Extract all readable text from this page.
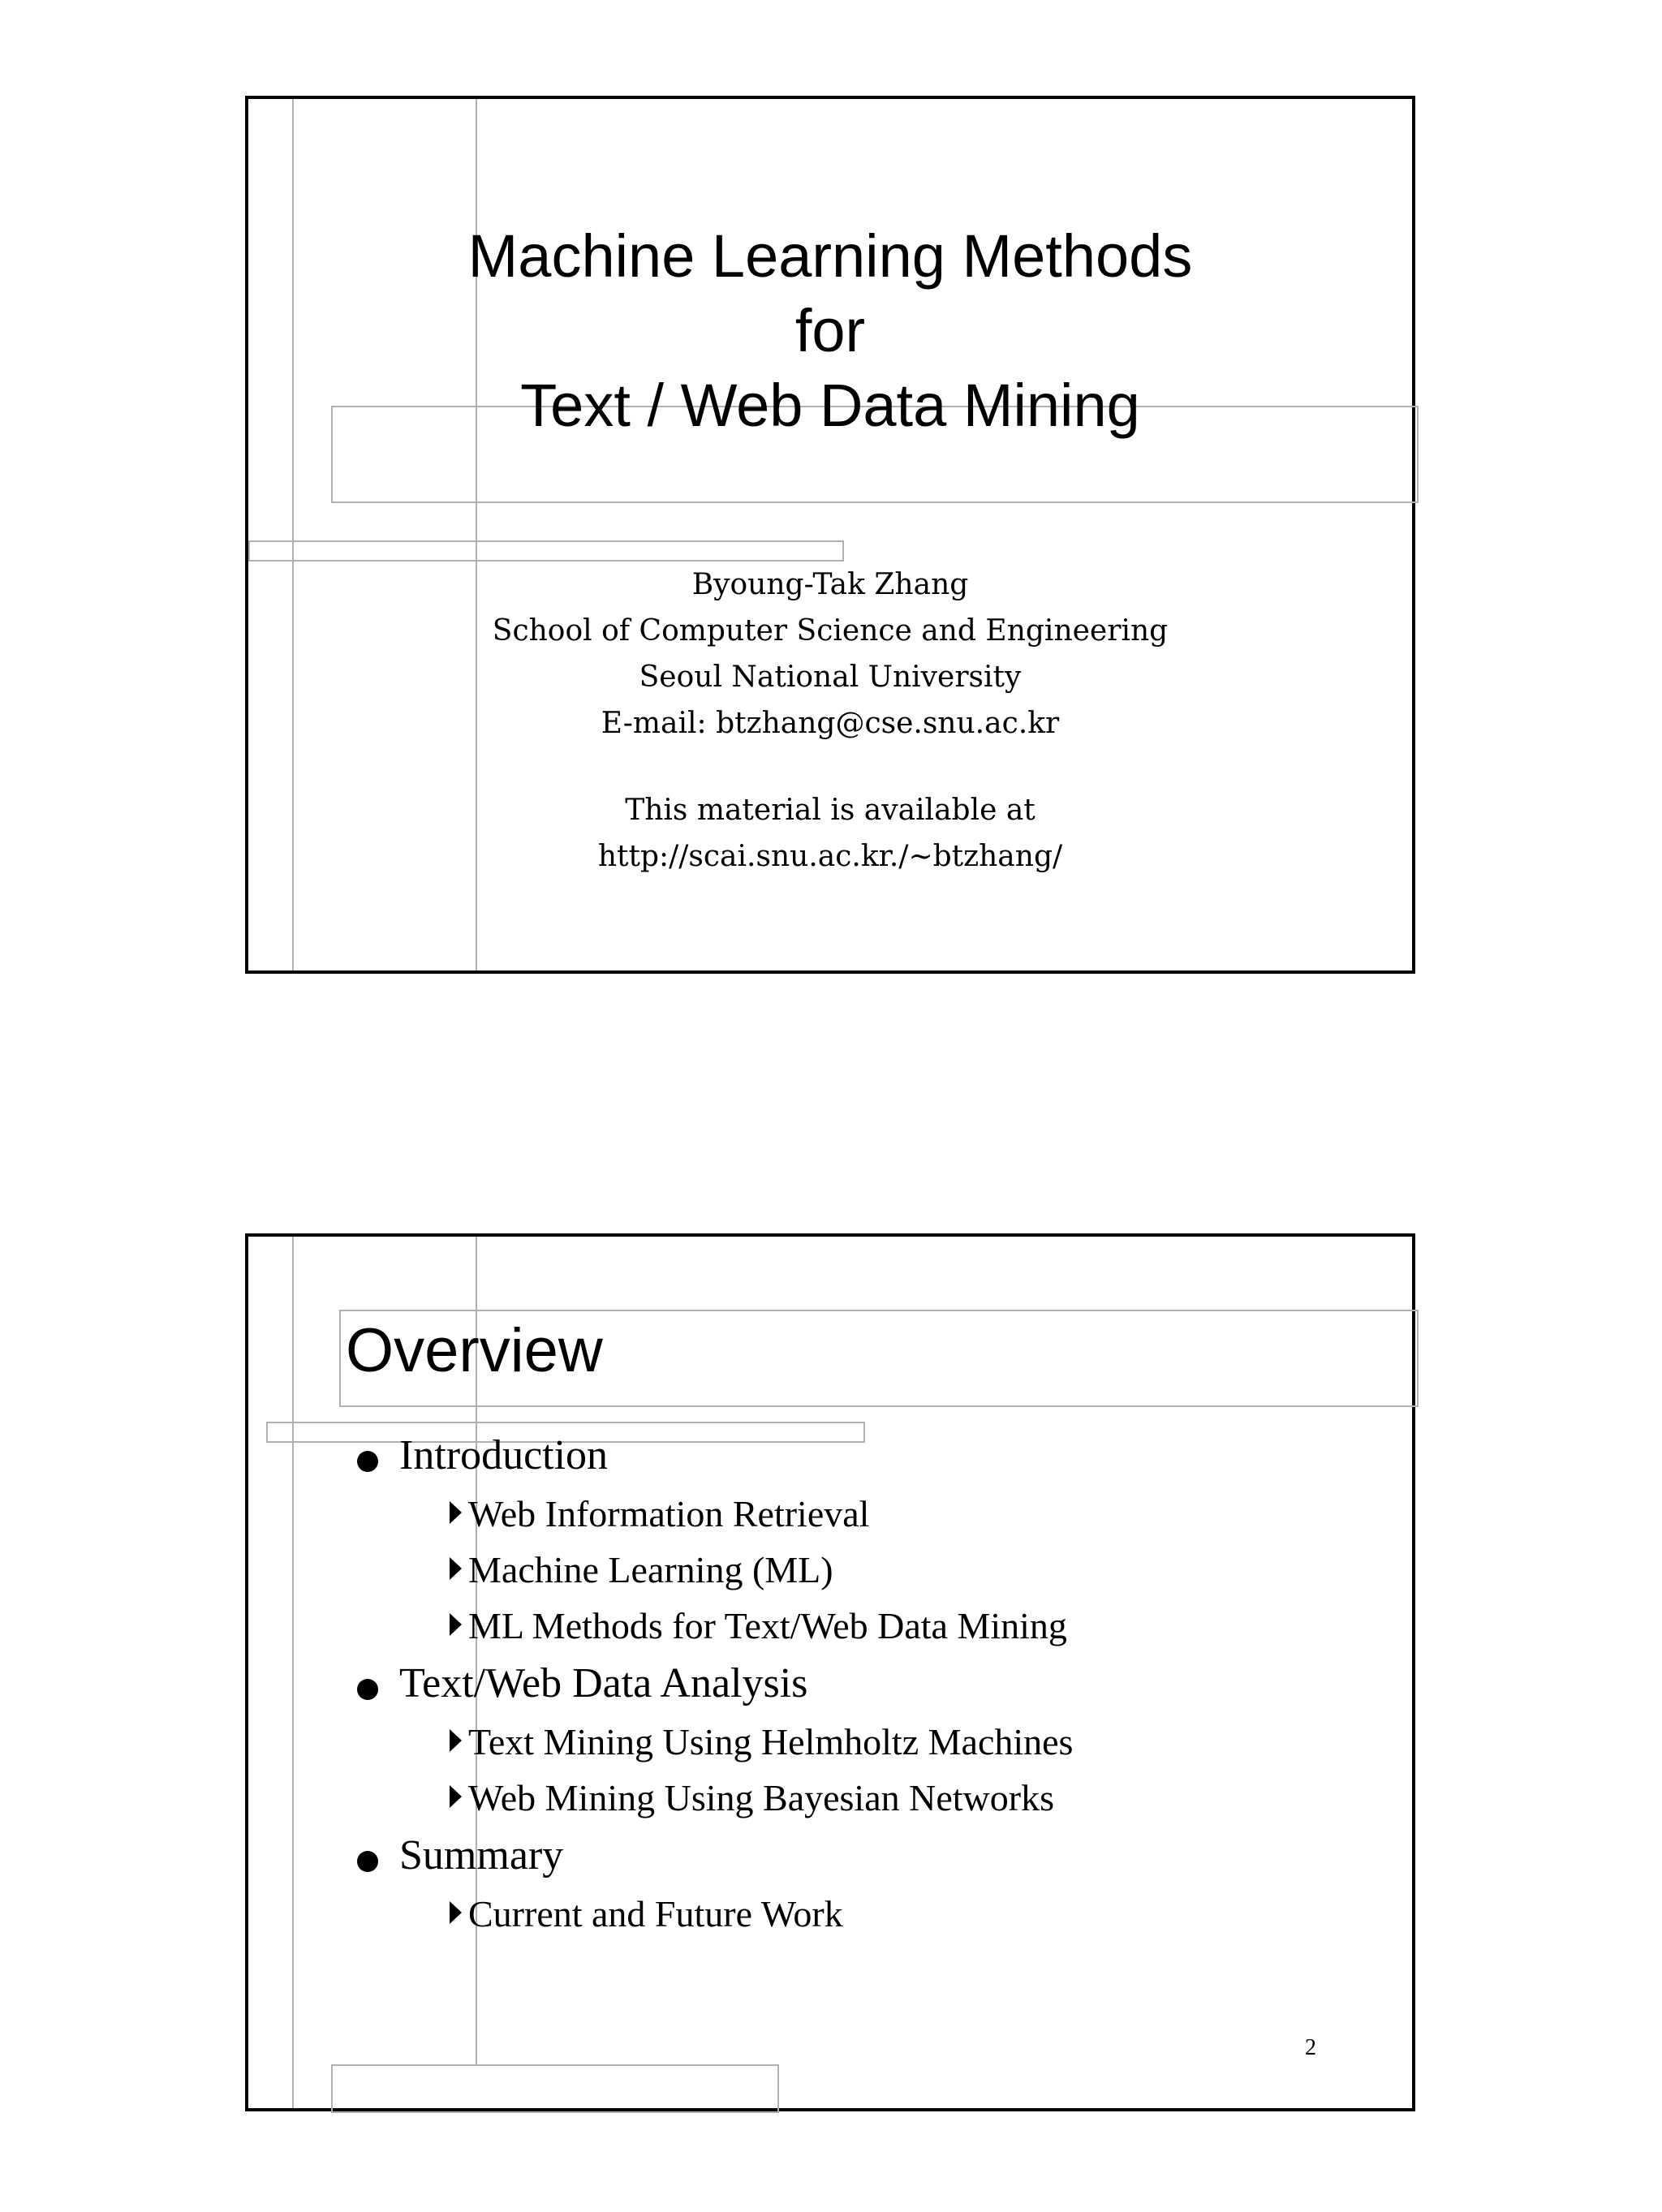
Machine Learning Methods
for
Text / Web Data Mining
Byoung-Tak Zhang
School of Computer Science and Engineering
Seoul National University
E-mail: btzhang@cse.snu.ac.kr
This material is available at
http://scai.snu.ac.kr./~btzhang/
Overview
Introduction
Web Information Retrieval
Machine Learning (ML)
ML Methods for Text/Web Data Mining
Text/Web Data Analysis
Text Mining Using Helmholtz Machines
Web Mining Using Bayesian Networks
Summary
Current and Future Work
2
